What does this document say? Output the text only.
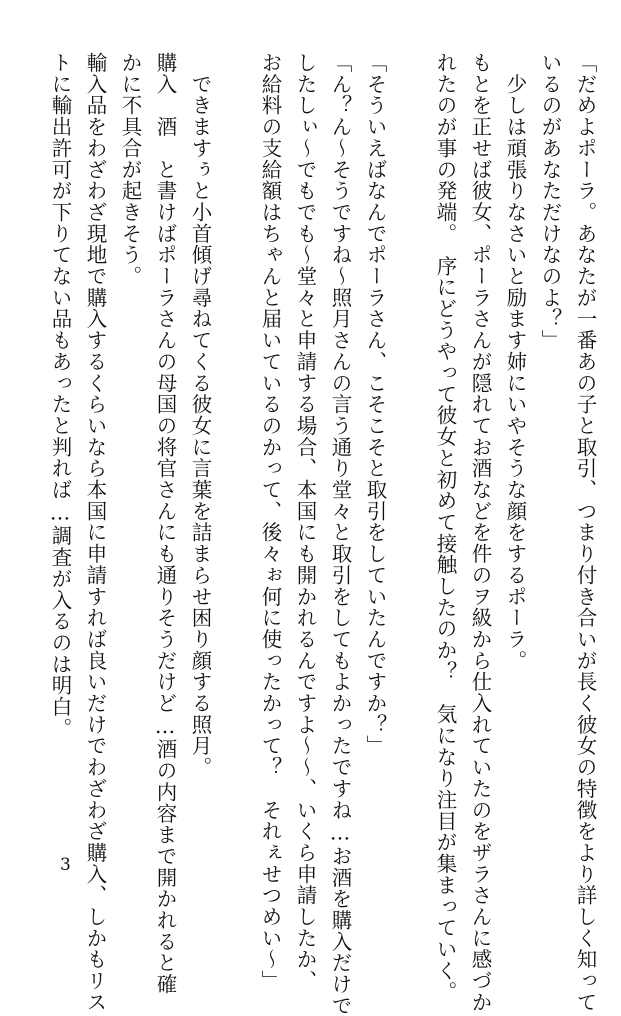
「だめよポーラ。あなたが一番あの子と取引、つまり付き合いが長く彼女の特徴をより詳しく知って
いるのがあなただけなのよ？」
　少しは頑張りなさいと励ます姉にいやそうな顔をするポーラ。
もとを正せば彼女、ポーラさんが隠れてお酒などを件のヲ級から仕入れていたのをザラさんに感づか
れたのが事の発端。　序にどうやって彼女と初めて接触したのか？　気になり注目が集まっていく。
「そういえばなんでポーラさん、こそこそと取引をしていたんですか？」
「ん？ん～そうですね～照月さんの言う通り堂々と取引をしてもよかったですね…お酒を購入だけで
したしぃ～でもでも～堂々と申請する場合、本国にも開かれるんですよ～～、いくら申請したか、
お給料の支給額はちゃんと届いているのかって、後々ぉ何に使ったかって？　それぇせつめい～」
　できますぅと小首傾げ尋ねてくる彼女に言葉を詰まらせ困り顔する照月。
購入　酒　と書けばポーラさんの母国の将官さんにも通りそうだけど…酒の内容まで開かれると確
かに不具合が起きそう。
輸入品をわざわざ現地で購入するくらいなら本国に申請すれば良いだけでわざわざ購入、しかもリス
トに輸出許可が下りてない品もあったと判れば…調査が入るのは明白。
3
